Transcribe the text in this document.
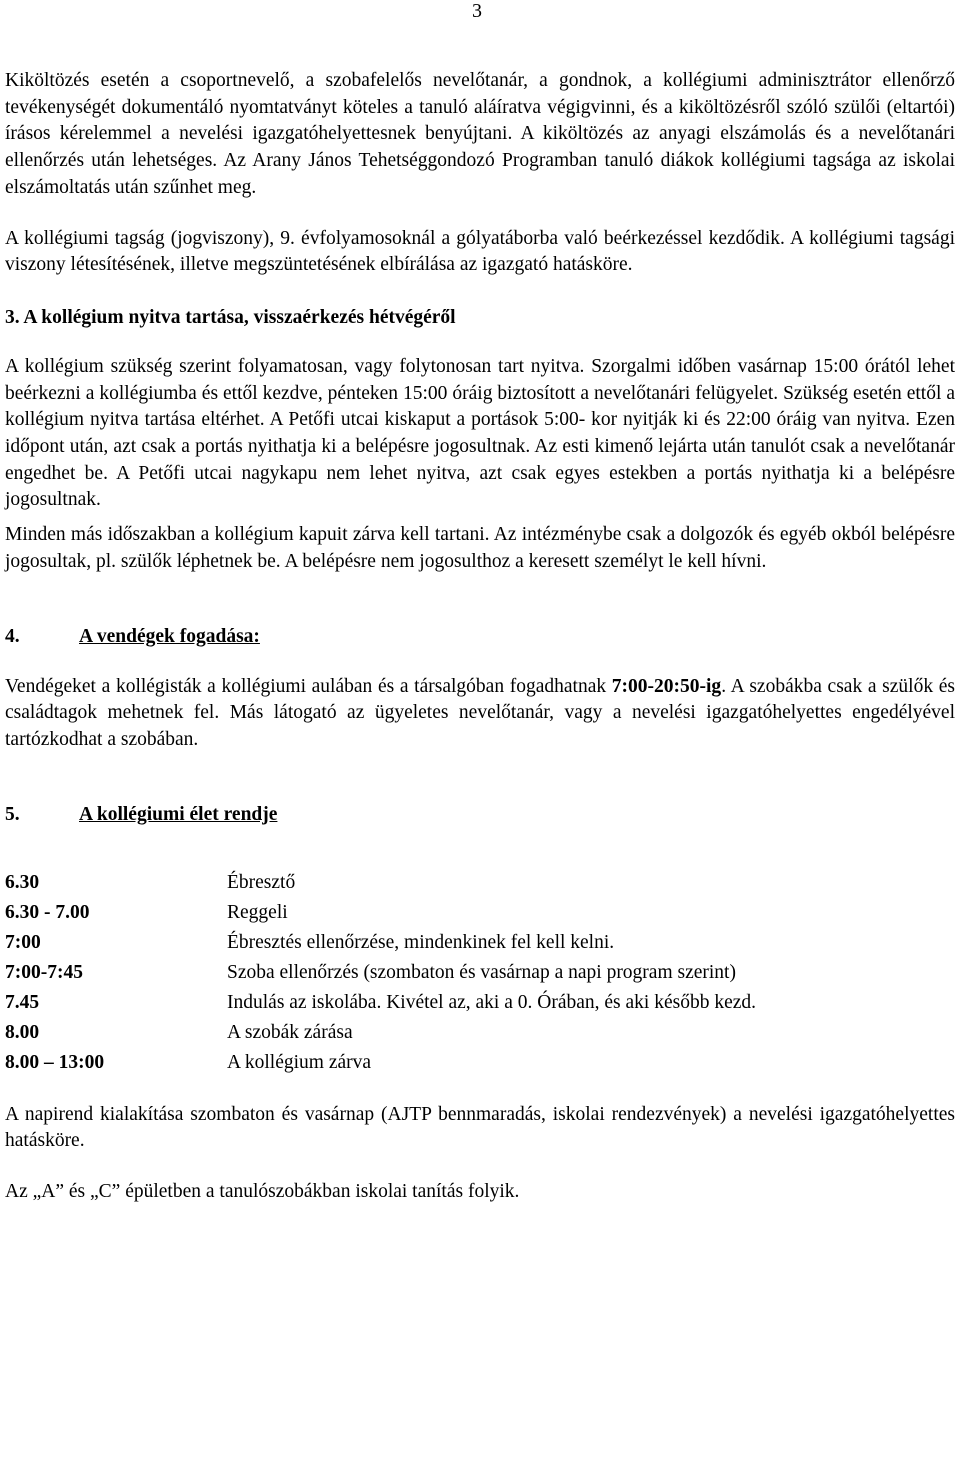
3

Kiköltözés esetén a csoportnevelő, a szobafelelős nevelőtanár, a gondnok, a kollégiumi adminisztrátor ellenőrző tevékenységét dokumentáló nyomtatványt köteles a tanuló aláíratva végigvinni, és a kiköltözésről szóló szülői (eltartói) írásos kérelemmel a nevelési igazgatóhelyettesnek benyújtani. A kiköltözés az anyagi elszámolás és a nevelőtanári ellenőrzés után lehetséges. Az Arany János Tehetséggondozó Programban tanuló diákok kollégiumi tagsága az iskolai elszámoltatás után szűnhet meg.

A kollégiumi tagság (jogviszony), 9. évfolyamosoknál a gólyatáborba való beérkezéssel kezdődik. A kollégiumi tagsági viszony létesítésének, illetve megszüntetésének elbírálása az igazgató hatásköre.

3. A kollégium nyitva tartása, visszaérkezés hétvégéről

A kollégium szükség szerint folyamatosan, vagy folytonosan tart nyitva. Szorgalmi időben vasárnap 15:00 órától lehet beérkezni a kollégiumba és ettől kezdve, pénteken 15:00 óráig biztosított a nevelőtanári felügyelet. Szükség esetén ettől a kollégium nyitva tartása eltérhet. A Petőfi utcai kiskaput a portások 5:00- kor nyitják ki és 22:00 óráig van nyitva. Ezen időpont után, azt csak a portás nyithatja ki a belépésre jogosultnak. Az esti kimenő lejárta után tanulót csak a nevelőtanár engedhet be. A Petőfi utcai nagykapu nem lehet nyitva, azt csak egyes estekben a portás nyithatja ki a belépésre jogosultnak.

Minden más időszakban a kollégium kapuit zárva kell tartani. Az intézménybe csak a dolgozók és egyéb okból belépésre jogosultak, pl. szülők léphetnek be. A belépésre nem jogosulthoz a keresett személyt le kell hívni.

4.	A vendégek fogadása:

Vendégeket a kollégisták a kollégiumi aulában és a társalgóban fogadhatnak 7:00-20:50-ig. A szobákba csak a szülők és családtagok mehetnek fel. Más látogató az ügyeletes nevelőtanár, vagy a nevelési igazgatóhelyettes engedélyével tartózkodhat a szobában.

5.	A kollégiumi élet rendje
6.30	Ébresztő
6.30 - 7.00	Reggeli
7:00	Ébresztés ellenőrzése, mindenkinek fel kell kelni.
7:00-7:45	Szoba ellenőrzés (szombaton és vasárnap a napi program szerint)
7.45	Indulás az iskolába. Kivétel az, aki a 0. Órában, és aki később kezd.
8.00	A szobák zárása
8.00 – 13:00	A kollégium zárva

A napirend kialakítása szombaton és vasárnap (AJTP bennmaradás, iskolai rendezvények) a nevelési igazgatóhelyettes hatásköre.

Az „A” és „C” épületben a tanulószobákban iskolai tanítás folyik.
